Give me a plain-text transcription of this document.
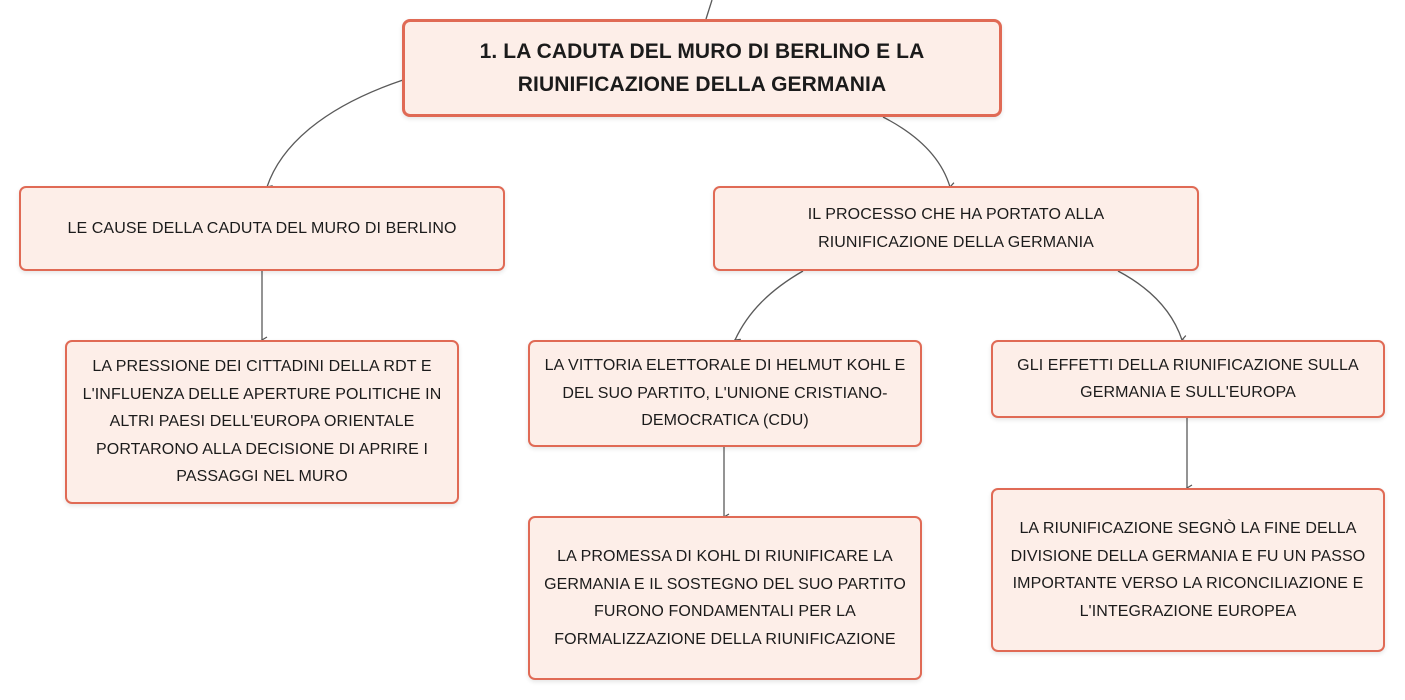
1. LA CADUTA DEL MURO DI BERLINO E LA RIUNIFICAZIONE DELLA GERMANIA
LE CAUSE DELLA CADUTA DEL MURO DI BERLINO
IL PROCESSO CHE HA PORTATO ALLA RIUNIFICAZIONE DELLA GERMANIA
LA PRESSIONE DEI CITTADINI DELLA RDT E L'INFLUENZA DELLE APERTURE POLITICHE IN ALTRI PAESI DELL'EUROPA ORIENTALE PORTARONO ALLA DECISIONE DI APRIRE I PASSAGGI NEL MURO
LA VITTORIA ELETTORALE DI HELMUT KOHL E DEL SUO PARTITO, L'UNIONE CRISTIANO-DEMOCRATICA (CDU)
GLI EFFETTI DELLA RIUNIFICAZIONE SULLA GERMANIA E SULL'EUROPA
LA PROMESSA DI KOHL DI RIUNIFICARE LA GERMANIA E IL SOSTEGNO DEL SUO PARTITO FURONO FONDAMENTALI PER LA FORMALIZZAZIONE DELLA RIUNIFICAZIONE
LA RIUNIFICAZIONE SEGNÒ LA FINE DELLA DIVISIONE DELLA GERMANIA E FU UN PASSO IMPORTANTE VERSO LA RICONCILIAZIONE E L'INTEGRAZIONE EUROPEA
